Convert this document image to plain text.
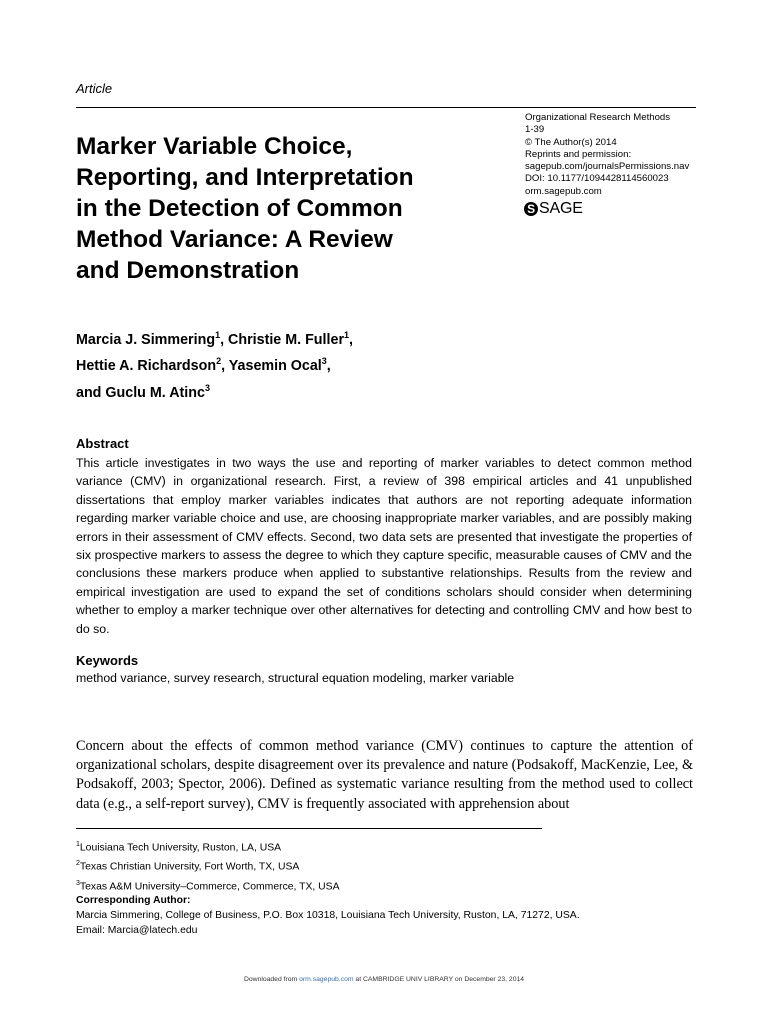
Article
Marker Variable Choice,
Reporting, and Interpretation
in the Detection of Common
Method Variance: A Review
and Demonstration
Organizational Research Methods
1-39
© The Author(s) 2014
Reprints and permission:
sagepub.com/journalsPermissions.nav
DOI: 10.1177/1094428114560023
orm.sagepub.com
S SAGE
Marcia J. Simmering$^1$, Christie M. Fuller$^1$,
Hettie A. Richardson$^2$, Yasemin Ocal$^3$,
and Guclu M. Atinc$^3$
Abstract
This article investigates in two ways the use and reporting of marker variables to detect common method variance (CMV) in organizational research. First, a review of 398 empirical articles and 41 unpublished dissertations that employ marker variables indicates that authors are not reporting adequate information regarding marker variable choice and use, are choosing inappropriate marker variables, and are possibly making errors in their assessment of CMV effects. Second, two data sets are presented that investigate the properties of six prospective markers to assess the degree to which they capture specific, measurable causes of CMV and the conclusions these markers produce when applied to substantive relationships. Results from the review and empirical investigation are used to expand the set of conditions scholars should consider when determining whether to employ a marker technique over other alternatives for detecting and controlling CMV and how best to do so.
Keywords
method variance, survey research, structural equation modeling, marker variable
Concern about the effects of common method variance (CMV) continues to capture the attention of organizational scholars, despite disagreement over its prevalence and nature (Podsakoff, MacKenzie, Lee, & Podsakoff, 2003; Spector, 2006). Defined as systematic variance resulting from the method used to collect data (e.g., a self-report survey), CMV is frequently associated with apprehension about
$^1$Louisiana Tech University, Ruston, LA, USA
$^2$Texas Christian University, Fort Worth, TX, USA
$^3$Texas A&M University–Commerce, Commerce, TX, USA
Corresponding Author:
Marcia Simmering, College of Business, P.O. Box 10318, Louisiana Tech University, Ruston, LA, 71272, USA.
Email: Marcia@latech.edu
Downloaded from orm.sagepub.com at CAMBRIDGE UNIV LIBRARY on December 23, 2014
